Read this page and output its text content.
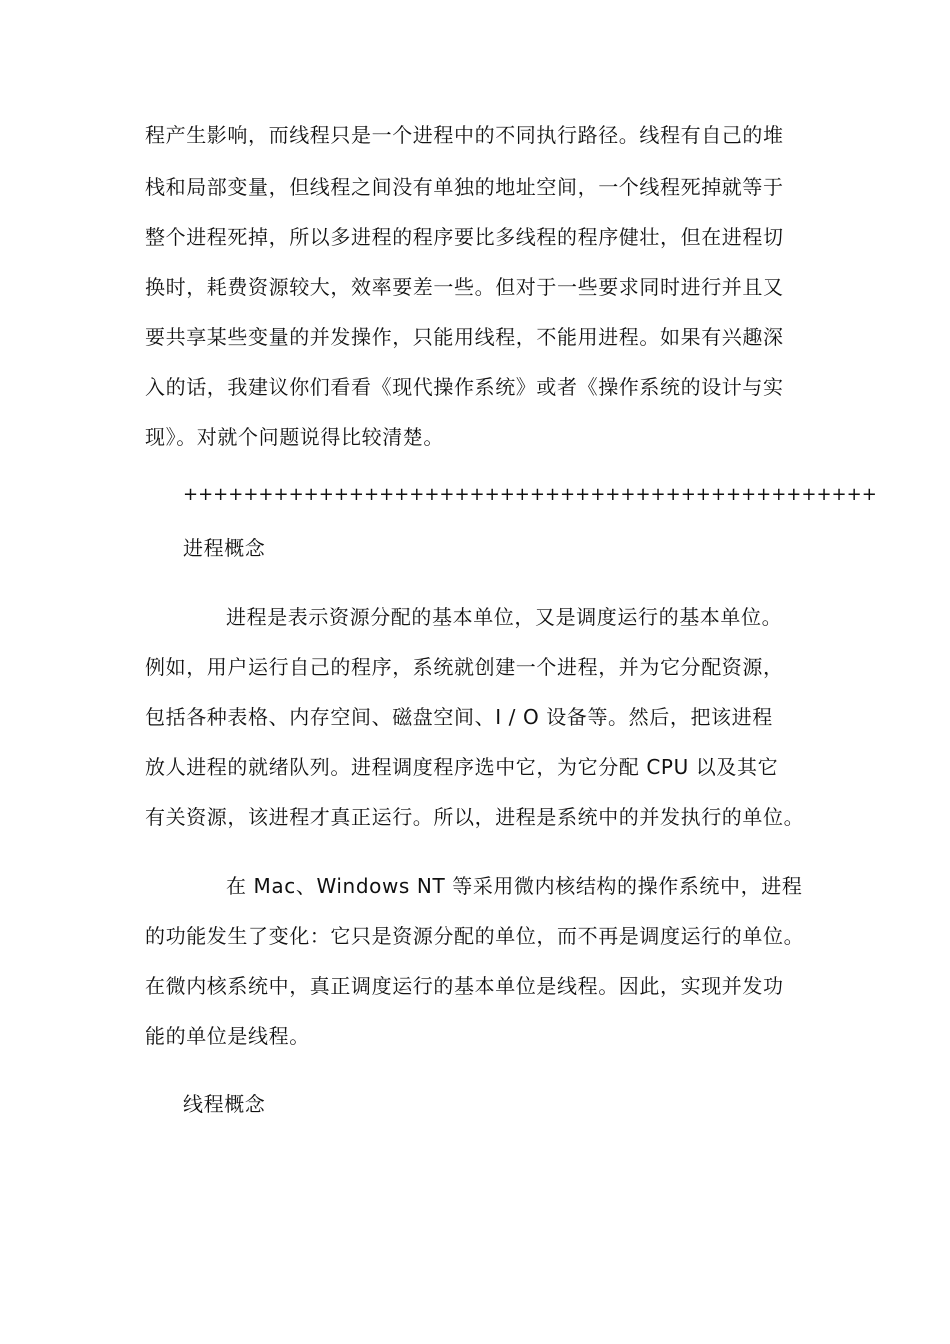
程产生影响，而线程只是一个进程中的不同执行路径。线程有自己的堆
栈和局部变量，但线程之间没有单独的地址空间，一个线程死掉就等于
整个进程死掉，所以多进程的程序要比多线程的程序健壮，但在进程切
换时，耗费资源较大，效率要差一些。但对于一些要求同时进行并且又
要共享某些变量的并发操作，只能用线程，不能用进程。如果有兴趣深
入的话，我建议你们看看《现代操作系统》或者《操作系统的设计与实
现》。对就个问题说得比较清楚。
++++++++++++++++++++++++++++++++++++++++++++++
进程概念
进程是表示资源分配的基本单位，又是调度运行的基本单位。
例如，用户运行自己的程序，系统就创建一个进程，并为它分配资源，
包括各种表格、内存空间、磁盘空间、I / O 设备等。然后，把该进程
放人进程的就绪队列。进程调度程序选中它，为它分配 CPU 以及其它
有关资源，该进程才真正运行。所以，进程是系统中的并发执行的单位。
在 Mac、Windows NT 等采用微内核结构的操作系统中，进程
的功能发生了变化：它只是资源分配的单位，而不再是调度运行的单位。
在微内核系统中，真正调度运行的基本单位是线程。因此，实现并发功
能的单位是线程。
线程概念
